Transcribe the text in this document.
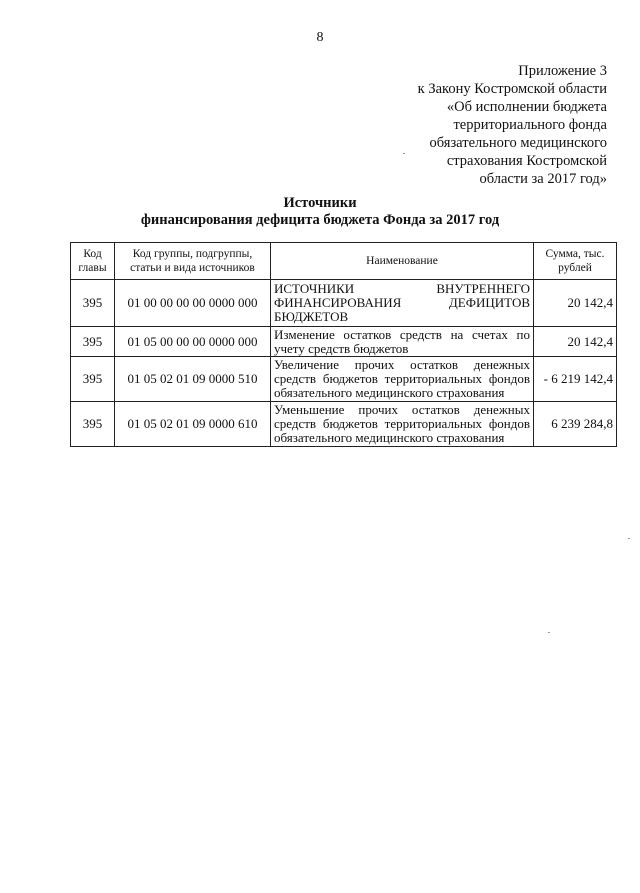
8
Приложение 3
к Закону Костромской области
«Об исполнении бюджета
территориального фонда
обязательного медицинского
страхования Костромской
области за 2017 год»
Источники
финансирования дефицита бюджета Фонда за 2017 год
Код главы	Код группы, подгруппы, статьи и вида источников	Наименование	Сумма, тыс. рублей
395	01 00 00 00 00 0000 000	ИСТОЧНИКИ ВНУТРЕННЕГО ФИНАНСИРОВАНИЯ ДЕФИЦИТОВ БЮДЖЕТОВ	20 142,4
395	01 05 00 00 00 0000 000	Изменение остатков средств на счетах по учету средств бюджетов	20 142,4
395	01 05 02 01 09 0000 510	Увеличение прочих остатков денежных средств бюджетов территориальных фондов обязательного медицинского страхования	- 6 219 142,4
395	01 05 02 01 09 0000 610	Уменьшение прочих остатков денежных средств бюджетов территориальных фондов обязательного медицинского страхования	6 239 284,8
